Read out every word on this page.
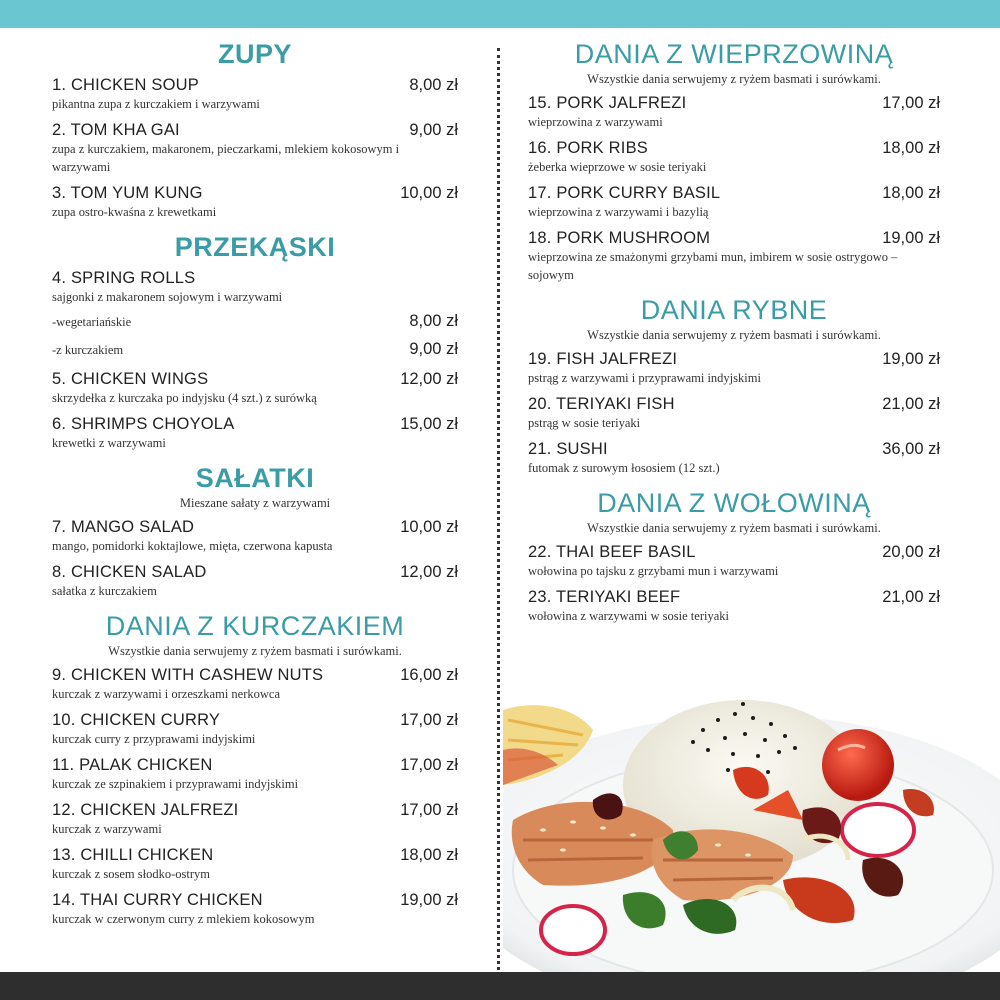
ZUPY
1. CHICKEN SOUP	8,00 zł
pikantna zupa z kurczakiem i warzywami
2. TOM KHA GAI	9,00 zł
zupa z kurczakiem, makaronem, pieczarkami, mlekiem kokosowym i warzywami
3. TOM YUM KUNG	10,00 zł
zupa ostro-kwaśna z krewetkami
PRZEKĄSKI
4. SPRING ROLLS
sajgonki z makaronem sojowym i warzywami
-wegetariańskie	8,00 zł
-z kurczakiem	9,00 zł
5. CHICKEN WINGS	12,00 zł
skrzydełka z kurczaka po indyjsku (4 szt.) z surówką
6. SHRIMPS CHOYOLA	15,00 zł
krewetki z warzywami
SAŁATKI
Mieszane sałaty z warzywami
7. MANGO SALAD	10,00 zł
mango, pomidorki koktajlowe, mięta, czerwona kapusta
8. CHICKEN SALAD	12,00 zł
sałatka z kurczakiem
DANIA Z KURCZAKIEM
Wszystkie dania serwujemy z ryżem basmati i surówkami.
9. CHICKEN WITH CASHEW NUTS	16,00 zł
kurczak z warzywami i orzeszkami nerkowca
10. CHICKEN CURRY	17,00 zł
kurczak curry z przyprawami indyjskimi
11. PALAK CHICKEN	17,00 zł
kurczak ze szpinakiem i przyprawami indyjskimi
12. CHICKEN JALFREZI	17,00 zł
kurczak z warzywami
13. CHILLI CHICKEN	18,00 zł
kurczak z sosem słodko-ostrym
14. THAI CURRY CHICKEN	19,00 zł
kurczak w czerwonym curry z mlekiem kokosowym
DANIA Z WIEPRZOWINĄ
Wszystkie dania serwujemy z ryżem basmati i surówkami.
15. PORK JALFREZI	17,00 zł
wieprzowina z warzywami
16. PORK RIBS	18,00 zł
żeberka wieprzowe w sosie teriyaki
17. PORK CURRY BASIL	18,00 zł
wieprzowina z warzywami i bazylią
18. PORK MUSHROOM	19,00 zł
wieprzowina ze smażonymi grzybami mun, imbirem w sosie ostrygowo – sojowym
DANIA RYBNE
Wszystkie dania serwujemy z ryżem basmati i surówkami.
19. FISH JALFREZI	19,00 zł
pstrąg z warzywami i przyprawami indyjskimi
20. TERIYAKI FISH	21,00 zł
pstrąg w sosie teriyaki
21. SUSHI	36,00 zł
futomak z surowym łososiem (12 szt.)
DANIA Z WOŁOWINĄ
Wszystkie dania serwujemy z ryżem basmati i surówkami.
22. THAI BEEF BASIL	20,00 zł
wołowina po tajsku z grzybami mun i warzywami
23. TERIYAKI BEEF	21,00 zł
wołowina z warzywami w sosie teriyaki
